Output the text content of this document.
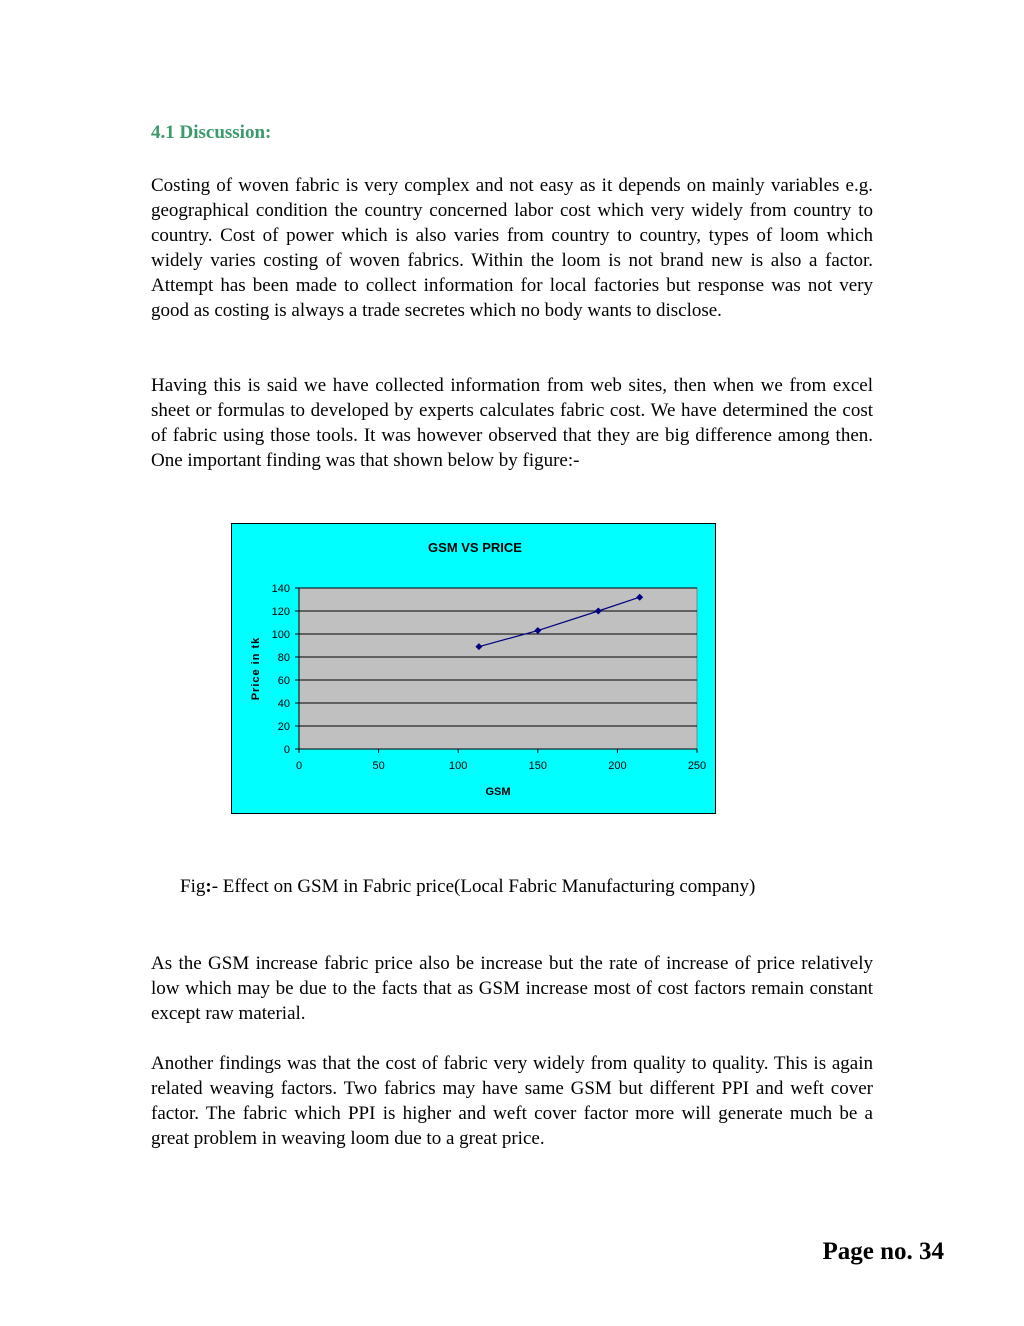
4.1 Discussion:

Costing of woven fabric is very complex and not easy as it depends on mainly variables e.g. geographical condition the country concerned labor cost which very widely from country to country. Cost of power which is also varies from country to country, types of loom which widely varies costing of woven fabrics. Within the loom is not brand new is also a factor. Attempt has been made to collect information for local factories but response was not very good as costing is always a trade secretes which no body wants to disclose.

Having this is said we have collected information from web sites, then when we from excel sheet or formulas to developed by experts calculates fabric cost. We have determined the cost of fabric using those tools. It was however observed that they are big difference among then. One important finding was that shown below by figure:-

0
20
40
60
80
100
120
140
0	50	100	150	200	250
GSM VS PRICE
GSM
Price in tk

Fig:- Effect on GSM in Fabric price(Local Fabric Manufacturing company)

As the GSM increase fabric price also be increase but the rate of increase of price relatively low which may be due to the facts that as GSM increase most of cost factors remain constant except raw material.

Another findings was that the cost of fabric very widely from quality to quality. This is again related weaving factors. Two fabrics may have same GSM but different PPI and weft cover factor. The fabric which PPI is higher and weft cover factor more will generate much be a great problem in weaving loom due to a great price.

Page no. 34
